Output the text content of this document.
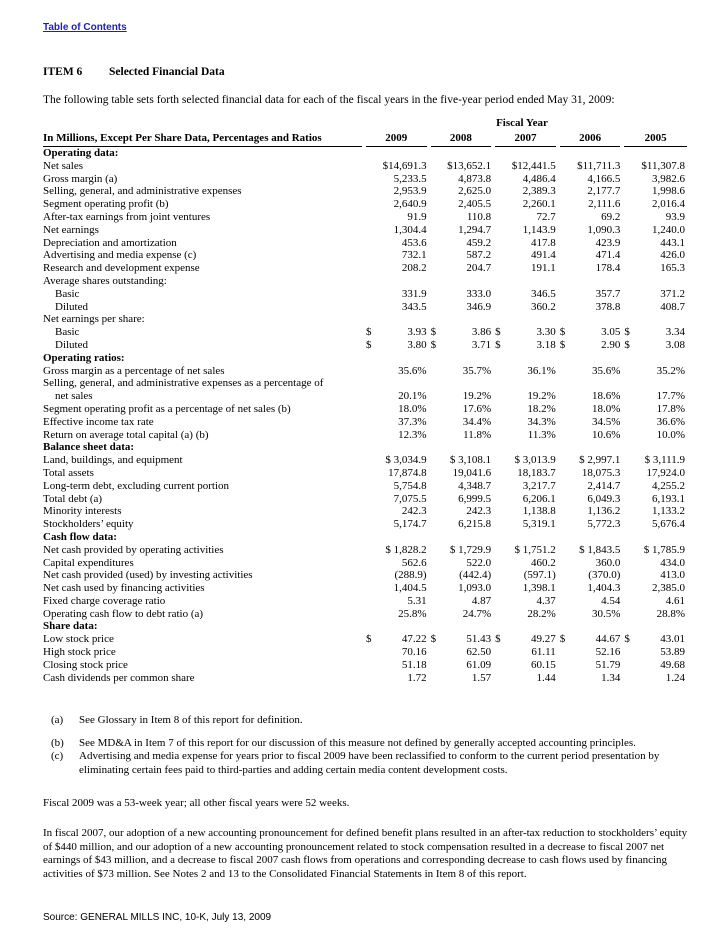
Table of Contents
ITEM 6 Selected Financial Data
The following table sets forth selected financial data for each of the fiscal years in the five-year period ended May 31, 2009:
Fiscal Year
In Millions, Except Per Share Data, Percentages and Ratios	2009		2008		2007		2006		2005	
Operating data:										
Net sales		$14,691.3		$13,652.1		$12,441.5		$11,711.3		$11,307.8
Gross margin (a)		5,233.5		4,873.8		4,486.4		4,166.5		3,982.6
Selling, general, and administrative expenses		2,953.9		2,625.0		2,389.3		2,177.7		1,998.6
Segment operating profit (b)		2,640.9		2,405.5		2,260.1		2,111.6		2,016.4
After-tax earnings from joint ventures		91.9		110.8		72.7		69.2		93.9
Net earnings		1,304.4		1,294.7		1,143.9		1,090.3		1,240.0
Depreciation and amortization		453.6		459.2		417.8		423.9		443.1
Advertising and media expense (c)		732.1		587.2		491.4		471.4		426.0
Research and development expense		208.2		204.7		191.1		178.4		165.3
Average shares outstanding:										
Basic		331.9		333.0		346.5		357.7		371.2
Diluted		343.5		346.9		360.2		378.8		408.7
Net earnings per share:										
Basic	$	3.93	$	3.86	$	3.30	$	3.05	$	3.34
Diluted	$	3.80	$	3.71	$	3.18	$	2.90	$	3.08
Operating ratios:										
Gross margin as a percentage of net sales		35.6%		35.7%		36.1%		35.6%		35.2%
Selling, general, and administrative expenses as a percentage of
net sales		20.1%		19.2%		19.2%		18.6%		17.7%
Segment operating profit as a percentage of net sales (b)		18.0%		17.6%		18.2%		18.0%		17.8%
Effective income tax rate		37.3%		34.4%		34.3%		34.5%		36.6%
Return on average total capital (a) (b)		12.3%		11.8%		11.3%		10.6%		10.0%
Balance sheet data:										
Land, buildings, and equipment		$ 3,034.9		$ 3,108.1		$ 3,013.9		$ 2,997.1		$ 3,111.9
Total assets		17,874.8		19,041.6		18,183.7		18,075.3		17,924.0
Long-term debt, excluding current portion		5,754.8		4,348.7		3,217.7		2,414.7		4,255.2
Total debt (a)		7,075.5		6,999.5		6,206.1		6,049.3		6,193.1
Minority interests		242.3		242.3		1,138.8		1,136.2		1,133.2
Stockholders’ equity		5,174.7		6,215.8		5,319.1		5,772.3		5,676.4
Cash flow data:										
Net cash provided by operating activities		$ 1,828.2		$ 1,729.9		$ 1,751.2		$ 1,843.5		$ 1,785.9
Capital expenditures		562.6		522.0		460.2		360.0		434.0
Net cash provided (used) by investing activities		(288.9)		(442.4)		(597.1)		(370.0)		413.0
Net cash used by financing activities		1,404.5		1,093.0		1,398.1		1,404.3		2,385.0
Fixed charge coverage ratio		5.31		4.87		4.37		4.54		4.61
Operating cash flow to debt ratio (a)		25.8%		24.7%		28.2%		30.5%		28.8%
Share data:										
Low stock price	$	47.22	$	51.43	$	49.27	$	44.67	$	43.01
High stock price		70.16		62.50		61.11		52.16		53.89
Closing stock price		51.18		61.09		60.15		51.79		49.68
Cash dividends per common share		1.72		1.57		1.44		1.34		1.24
(a)	See Glossary in Item 8 of this report for definition.
(b)	See MD&A in Item 7 of this report for our discussion of this measure not defined by generally accepted accounting principles.
(c)	Advertising and media expense for years prior to fiscal 2009 have been reclassified to conform to the current period presentation by eliminating certain fees paid to third-parties and adding certain media content development costs.
Fiscal 2009 was a 53-week year; all other fiscal years were 52 weeks.
In fiscal 2007, our adoption of a new accounting pronouncement for defined benefit plans resulted in an after-tax reduction to stockholders’ equity of $440 million, and our adoption of a new accounting pronouncement related to stock compensation resulted in a decrease to fiscal 2007 net earnings of $43 million, and a decrease to fiscal 2007 cash flows from operations and corresponding decrease to cash flows used by financing activities of $73 million. See Notes 2 and 13 to the Consolidated Financial Statements in Item 8 of this report.
Source: GENERAL MILLS INC, 10-K, July 13, 2009
